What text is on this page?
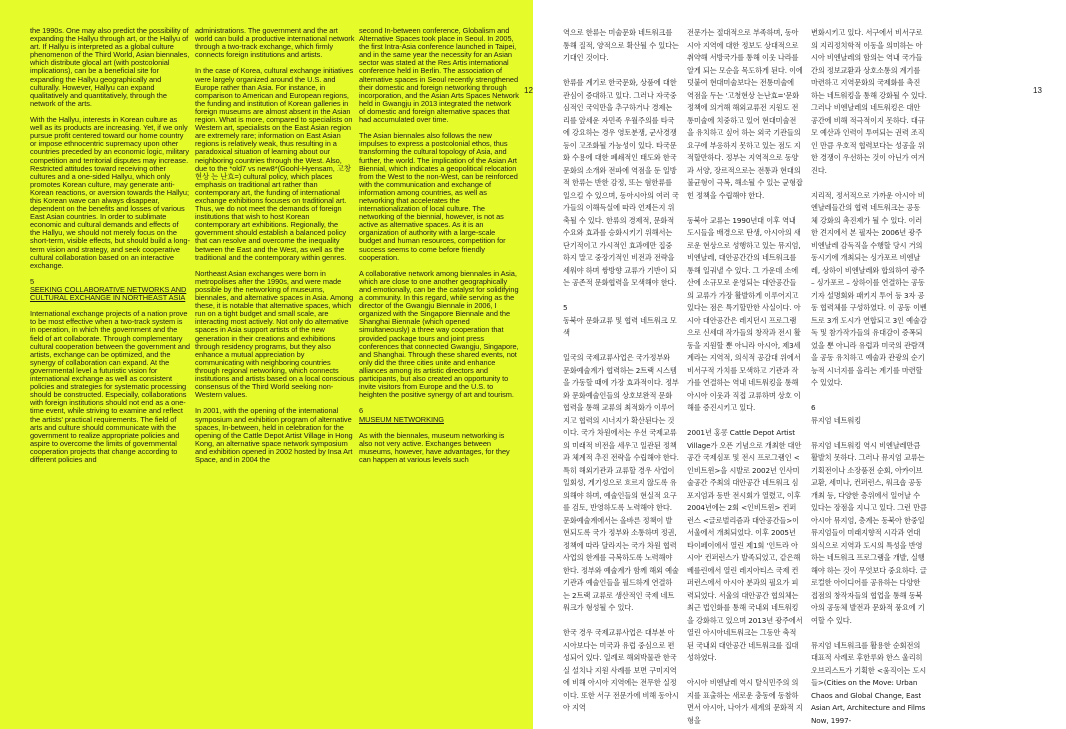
the 1990s. One may also predict the possibility of expanding the Hallyu through art, or the Hallyu of art. If Hallyu is interpreted as a global culture phenomenon of the Third World, Asian biennales, which distribute glocal art (with postcolonial implications), can be a beneficial site for expanding the Hallyu geographically and culturally. However, Hallyu can expand qualitatively and quantitatively, through the network of the arts.

With the Hallyu, interests in Korean culture as well as its products are increasing. Yet, if we only pursue profit centered toward our home country or impose ethnocentric supremacy upon other countries preceded by an economic logic, military competition and territorial disputes may increase. Restricted attitudes toward receiving other cultures and a one-sided Hallyu, which only promotes Korean culture, may generate anti-Korean reactions, or aversion towards the Hallyu; this Korean wave can always disappear, dependent on the benefits and losses of various East Asian countries. In order to sublimate economic and cultural demands and effects of the Hallyu, we should not merely focus on the short-term, visible effects, but should build a long-term vision and strategy, and seek cooperative cultural collaboration based on an interactive exchange.

5

SEEKING COLLABORATIVE NETWORKS AND CULTURAL EXCHANGE IN NORTHEAST ASIA

International exchange projects of a nation prove to be most effective when a two-track system is in operation, in which the government and the field of art collaborate. Through complementary cultural cooperation between the government and artists, exchange can be optimized, and the synergy of collaboration can expand. At the governmental level a futuristic vision for international exchange as well as consistent policies and strategies for systematic processing should be constructed. Especially, collaborations with foreign institutions should not end as a one-time event, while striving to examine and reflect the artists' practical requirements. The field of arts and culture should communicate with the government to realize appropriate policies and aspire to overcome the limits of governmental cooperation projects that change according to different policies and

administrations. The government and the art world can build a productive international network through a two-track exchange, which firmly connects foreign institutions and artists.

In the case of Korea, cultural exchange initiatives were largely organized around the U.S. and Europe rather than Asia. For instance, in comparison to American and European regions, the funding and institution of Korean galleries in foreign museums are almost absent in the Asian region. What is more, compared to specialists on Western art, specialists on the East Asian region are extremely rare; information on East Asian regions is relatively weak, thus resulting in a paradoxical situation of learning about our neighboring countries through the West. Also, due to the *old7 vs new8*(Goohl-Hyensam, 고창현상 는 난효=) cultural policy, which places emphasis on traditional art rather than contemporary art, the funding of international exchange exhibitions focuses on traditional art. Thus, we do not meet the demands of foreign institutions that wish to host Korean contemporary art exhibitions. Regionally, the government should establish a balanced policy that can resolve and overcome the inequality between the East and the West, as well as the traditional and the contemporary within genres.

Northeast Asian exchanges were born in metropolises after the 1990s, and were made possible by the networking of museums, biennales, and alternative spaces in Asia. Among these, it is notable that alternative spaces, which run on a tight budget and small scale, are interacting most actively. Not only do alternative spaces in Asia support artists of the new generation in their creations and exhibitions through residency programs, but they also enhance a mutual appreciation by communicating with neighboring countries through regional networking, which connects institutions and artists based on a local conscious consensus of the Third World seeking non-Western values.

In 2001, with the opening of the international symposium and exhibition program of alternative spaces, In-between, held in celebration for the opening of the Cattle Depot Artist Village in Hong Kong, an alternative space network symposium and exhibition opened in 2002 hosted by Insa Art Space, and in 2004 the

second In-between conference, Globalism and Alternative Spaces took place in Seoul. In 2005, the first Intra-Asia conference launched in Taipei, and in the same year the necessity for an Asian sector was stated at the Res Artis international conference held in Berlin. The association of alternative spaces in Seoul recently strengthened their domestic and foreign networking through incorporation, and the Asian Arts Spaces Network held in Gwangju in 2013 integrated the network of domestic and foreign alternative spaces that had accumulated over time.

The Asian biennales also follows the new impulses to express a postcolonial ethos, thus transforming the cultural topology of Asia, and further, the world. The implication of the Asian Art Biennial, which indicates a geopolitical relocation from the West to the non-West, can be reinforced with the communication and exchange of information among countries, as well as networking that accelerates the internationalization of local culture. The networking of the biennial, however, is not as active as alternative spaces. As it is an organization of authority with a large-scale budget and human resources, competition for success seems to come before friendly cooperation.

A collaborative network among biennales in Asia, which are close to one another geographically and emotionally, can be the catalyst for solidifying a community. In this regard, while serving as the director of the Gwangju Biennale in 2006, I organized with the Singapore Biennale and the Shanghai Biennale (which opened simultaneously) a three way cooperation that provided package tours and joint press conferences that connected Gwangju, Singapore, and Shanghai. Through these shared events, not only did the three cities unite and enhance alliances among its artistic directors and participants, but also created an opportunity to invite visitors from Europe and the U.S. to heighten the positive synergy of art and tourism.

6

MUSEUM NETWORKING

As with the biennales, museum networking is also not very active. Exchanges between museums, however, have advantages, for they can happen at various levels such

12

역으로 한류는 미술문화 네트워크를 통해 질적, 양적으로 확산될 수 있다는 기대인 것이다.

한류를 계기로 한국문화, 상품에 대한 관심이 증대하고 있다. 그러나 자국중심적인 국익만을 추구하거나 경제논리를 앞세운 자민족 우월주의를 타국에 강요하는 경우 영토분쟁, 군사경쟁 등이 고조화될 가능성이 있다. 타국문화 수용에 대한 폐쇄적인 태도와 한국문화의 소개와 전파에 역점을 둔 일방적 한류는 반한 감정, 또는 혐한류를 일으킬 수 있으며, 동아시아의 여러 국가들의 이해득실에 따라 언제든지 위축될 수 있다. 한류의 경제적, 문화적 수요와 효과를 승화시키기 위해서는 단기적이고 가시적인 효과에만 집중하지 말고 중장기적인 비전과 전략을 세워야 하며 쌍방향 교류가 기반이 되는 공존적 문화협력을 모색해야 한다.

5

동북아 문화교류 및 협력 네트워크 모색

일국의 국제교류사업은 국가정부와 문화예술계가 협력하는 2트랙 시스템을 가동할 때에 가장 효과적이다. 정부와 문화예술인들의 상호보완적 문화협력을 통해 교류의 최적화가 이루어지고 협력의 시너지가 확산된다는 것이다. 국가 차원에서는 우선 국제교류의 미래적 비전을 세우고 일관된 정책과 체계적 추진 전략을 수립해야 한다. 특히 해외기관과 교류할 경우 사업이 일회성, 게기성으로 흐르지 않도록 유의해야 하며, 예술인들의 현실적 요구를 검토, 반영하도록 노력해야 한다. 문화예술계에서는 올바른 정책이 발현되도록 국가 정부와 소통하며 정권, 정책에 따라 달라지는 국가 차원 협력사업의 한계를 극복하도록 노력해야 한다. 정부와 예술계가 함께 해외 예술 기관과 예술인들을 필드하게 연결하는 2트랙 교류로 생산적인 국제 네트워크가 형성될 수 있다.

한국 경우 국제교류사업은 대부분 아시아보다는 미국과 유럽 중심으로 편성되어 있다. 일례로 해외박물관 한국실 설치나 지원 사례를 보면 구미지역에 비해 아시아 지역에는 전무한 실정이다. 또한 서구 전문가에 비해 동아시아 지역

전문가는 절대적으로 부족하며, 동아시아 지역에 대한 정보도 상대적으로 취약해 서방국가를 통해 이웃 나라를 알게 되는 모순을 목도하게 된다. 이에 덧붙여 현대미술보다는 전통미술에 역점을 두는 '고청현상 는난효='문화정책에 의거해 해외교류전 지원도 전통미술에 치중하고 있어 현대미술전을 유치하고 싶어 하는 외국 기관들의 요구에 부응하지 못하고 있는 점도 지적할만하다. 정부는 지역적으로 동양과 서양, 장르적으로는 전통과 현대의 불균형이 극복, 해소될 수 있는 균형잡힌 정책을 수립해야 한다.

동북아 교류는 1990년대 이후 역내 도시들을 배경으로 탄생, 아시아의 새로운 현상으로 성행하고 있는 뮤지엄, 비엔날레, 대안공간간의 네트워크를 통해 일궈낼 수 있다. 그 가운데 소에산에 소규모로 운영되는 대안공간들의 교류가 가장 활발하게 이루어지고 있다는 점은 특기할만한 사실이다. 아시아 대안공간은 레지던시 프로그램으로 신세대 작가들의 창작과 전시 활동을 지원할 뿐 아니라 아시아, 제3세계라는 지역적, 의식적 공감대 위에서 비서구적 가치를 모색하고 기관과 작가를 연결하는 역내 네트워킹을 통해 아시아 이웃과 직접 교류하며 상호 이해를 증진시키고 있다.

2001년 홍콩 Cattle Depot Artist Village가 오픈 기념으로 개최한 대안공간 국제심포 및 전시 프로그램인 <인비트윈>을 시발로 2002년 인사미술공간 주최의 대안공간 네트워크 심포지엄과 동반 전시회가 열렸고, 이후 2004년에는 2회 <인비트윈> 컨퍼런스 <글로벌리즘과 대안공간들>이 서울에서 개최되었다. 이후 2005년 타이페이에서 열린 제1회 '인트라 아시아' 컨퍼런스가 발족되었고, 같은해 베를린에서 열린 레지아티스 국제 컨퍼런스에서 아시아 분과의 필요가 피력되었다. 서울의 대안공간 협의체는 최근 법인화를 통해 국내외 네트워킹을 강화하고 있으며 2013년 광주에서 열린 아시아네트워크는 그동안 축적된 국내외 대안공간 네트워크를 집대성하였다.

아시아 비엔날레 역시 탈식민주의 의지를 표출하는 새로운 충동에 동참하면서 아시아, 나아가 세계의 문화적 지형을

변화시키고 있다. 서구에서 비서구로의 지리정치학적 이동을 의미하는 아시아 비엔날레의 함의는 역내 국가들간의 정보교환과 상호소통의 계기를 마련하고 지역문화의 국제화를 촉진하는 네트워킹을 통해 강화될 수 있다. 그러나 비엔날레의 네트워킹은 대안공간에 비해 적극적이지 못하다. 대규모 예산과 인력이 투여되는 권력 조직인 만큼 우호적 협력보다는 성공을 위한 경쟁이 우선하는 것이 아닌가 여겨진다.

지리적, 정서적으로 가까운 아시아 비엔날레들간의 협력 네트워크는 공동체 강화의 촉진제가 될 수 있다. 이러한 견지에서 본 필자는 2006년 광주비엔날레 감독직을 수행할 당시 거의 동시기에 개최되는 싱가포르 비엔날레, 상하이 비엔날레와 합의하여 광주 – 싱가포르 – 상하이를 연결하는 공동기자 설명회와 패키지 투어 등 3자 공동 협력체를 구성하였다. 이 공동 이벤트로 3개 도시가 연합되고 3인 예술감독 및 참가작가들의 유대감이 증폭되었을 뿐 아니라 유럽과 미국의 관람객을 공동 유치하고 예술과 관광의 순기능적 시너지를 올리는 계기를 마련할 수 있었다.

6

뮤지엄 네트워킹

뮤지엄 네트워킹 역시 비엔날레만큼 활발치 못하다. 그러나 뮤지엄 교류는 기획전이나 소장품전 순회, 아카이브 교환, 세미나, 컨퍼런스, 워크숍 공동개최 등, 다양한 층위에서 일어날 수 있다는 장점을 지니고 있다. 그런 만큼 아시아 뮤지엄, 층계는 동북아 한중일 뮤지엄들이 미래지향적 시각과 연대의식으로 지역과 도시의 특성을 반영하는 네트워크 프로그램을 개발, 실행해야 하는 것이 무엇보다 중요하다. 글로컬한 아이디어를 공유하는 다양한 접점의 창작자들의 협업을 통해 동북아의 공동체 발전과 문화적 풍요에 기여할 수 있다.

뮤지엄 네트워크를 활용한 순회전의 대표적 사례로 후한루와 한스 울리히 오브리스트가 기획한 <움직이는 도시들>(Cities on the Move: Urban Chaos and Global Change, East Asian Art, Architecture and Films Now, 1997-

13
